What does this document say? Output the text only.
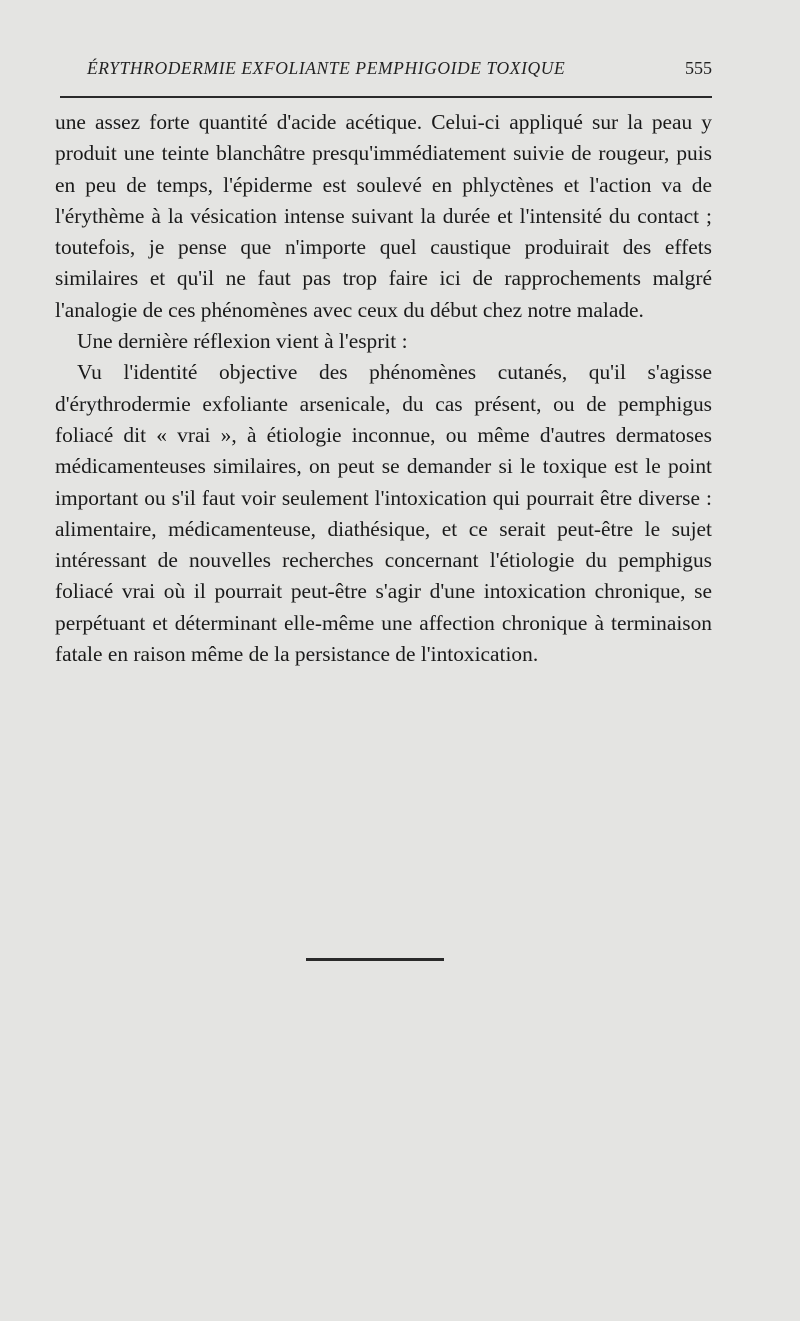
ÉRYTHRODERMIE EXFOLIANTE PEMPHIGOIDE TOXIQUE	555

une assez forte quantité d'acide acétique. Celui-ci appliqué sur la peau y produit une teinte blanchâtre presqu'immédiatement suivie de rougeur, puis en peu de temps, l'épiderme est soulevé en phlyctènes et l'action va de l'érythème à la vésication intense suivant la durée et l'intensité du contact ; toutefois, je pense que n'importe quel caustique produirait des effets similaires et qu'il ne faut pas trop faire ici de rapprochements malgré l'analogie de ces phénomènes avec ceux du début chez notre malade.

Une dernière réflexion vient à l'esprit :

Vu l'identité objective des phénomènes cutanés, qu'il s'agisse d'érythrodermie exfoliante arsenicale, du cas présent, ou de pemphigus foliacé dit « vrai », à étiologie inconnue, ou même d'autres dermatoses médicamenteuses similaires, on peut se demander si le toxique est le point important ou s'il faut voir seulement l'intoxication qui pourrait être diverse : alimentaire, médicamenteuse, diathésique, et ce serait peut-être le sujet intéressant de nouvelles recherches concernant l'étiologie du pemphigus foliacé vrai où il pourrait peut-être s'agir d'une intoxication chronique, se perpétuant et déterminant elle-même une affection chronique à terminaison fatale en raison même de la persistance de l'intoxication.
